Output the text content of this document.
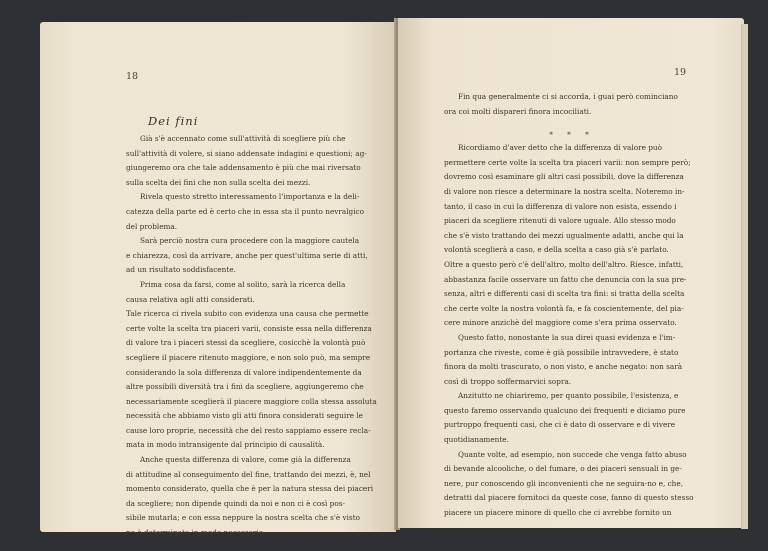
18
Dei fini
Già s'è accennato come sull'attività di scegliere più che
sull'attività di volere, si siano addensate indagini e questioni; ag-
giungeremo ora che tale addensamento è più che mai riversato
sulla scelta dei fini che non sulla scelta dei mezzi.
Rivela questo stretto interessamento l'importanza e la deli-
catezza della parte ed è certo che in essa sta il punto nevralgico
del problema.
Sarà perciò nostra cura procedere con la maggiore cautela
e chiarezza, così da arrivare, anche per quest'ultima serie di atti,
ad un risultato soddisfacente.
Prima cosa da farsi, come al solito, sarà la ricerca della
causa relativa agli atti considerati.
Tale ricerca ci rivela subito con evidenza una causa che permette
certe volte la scelta tra piaceri varii, consiste essa nella differenza
di valore tra i piaceri stessi da scegliere, cosicchè la volontà può
scegliere il piacere ritenuto maggiore, e non solo può, ma sempre
considerando la sola differenza di valore indipendentemente da
altre possibili diversità tra i fini da scegliere, aggiungeremo che
necessariamente sceglierà il piacere maggiore colla stessa assoluta
necessità che abbiamo visto gli atti finora considerati seguire le
cause loro proprie, necessità che del resto sappiamo essere recla-
mata in modo intransigente dal principio di causalità.
Anche questa differenza di valore, come già la differenza
di attitudine al conseguimento del fine, trattando dei mezzi, è, nel
momento considerato, quella che è per la natura stessa dei piaceri
da scegliere; non dipende quindi da noi e non ci è così pos-
sibile mutarla; e con essa neppure la nostra scelta che s'è visto
ne è determinata in modo necessario.
19
Fin qua generalmente ci si accorda, i guai però cominciano
ora coi molti dispareri finora incociliati.
* * *
Ricordiamo d'aver detto che la differenza di valore può
permettere certe volte la scelta tra piaceri varii: non sempre però;
dovremo così esaminare gli altri casi possibili, dove la differenza
di valore non riesce a determinare la nostra scelta. Noteremo in-
tanto, il caso in cui la differenza di valore non esista, essendo i
piaceri da scegliere ritenuti di valore uguale. Allo stesso modo
che s'è visto trattando dei mezzi ugualmente adatti, anche qui la
volontà sceglierà a caso, e della scelta a caso già s'è parlato.
Oltre a questo però c'è dell'altro, molto dell'altro. Riesce, infatti,
abbastanza facile osservare un fatto che denuncia con la sua pre-
senza, altri e differenti casi di scelta tra fini: si tratta della scelta
che certe volte la nostra volontà fa, e fa coscientemente, del pia-
cere minore anzichè del maggiore come s'era prima osservato.
Questo fatto, nonostante la sua direi quasi evidenza e l'im-
portanza che riveste, come è già possibile intravvedere, è stato
finora da molti trascurato, o non visto, e anche negato: non sarà
così di troppo soffermarvici sopra.
Anzitutto ne chiariremo, per quanto possibile, l'esistenza, e
questo faremo osservando qualcuno dei frequenti e diciamo pure
purtroppo frequenti casi, che ci è dato di osservare e di vivere
quotidianamente.
Quante volte, ad esempio, non succede che venga fatto abuso
di bevande alcooliche, o del fumare, o dei piaceri sensuali in ge-
nere, pur conoscendo gli inconvenienti che ne seguira-no e, che,
detratti dal piacere fornitoci da queste cose, fanno di questo stesso
piacere un piacere minore di quello che ci avrebbe fornito un
